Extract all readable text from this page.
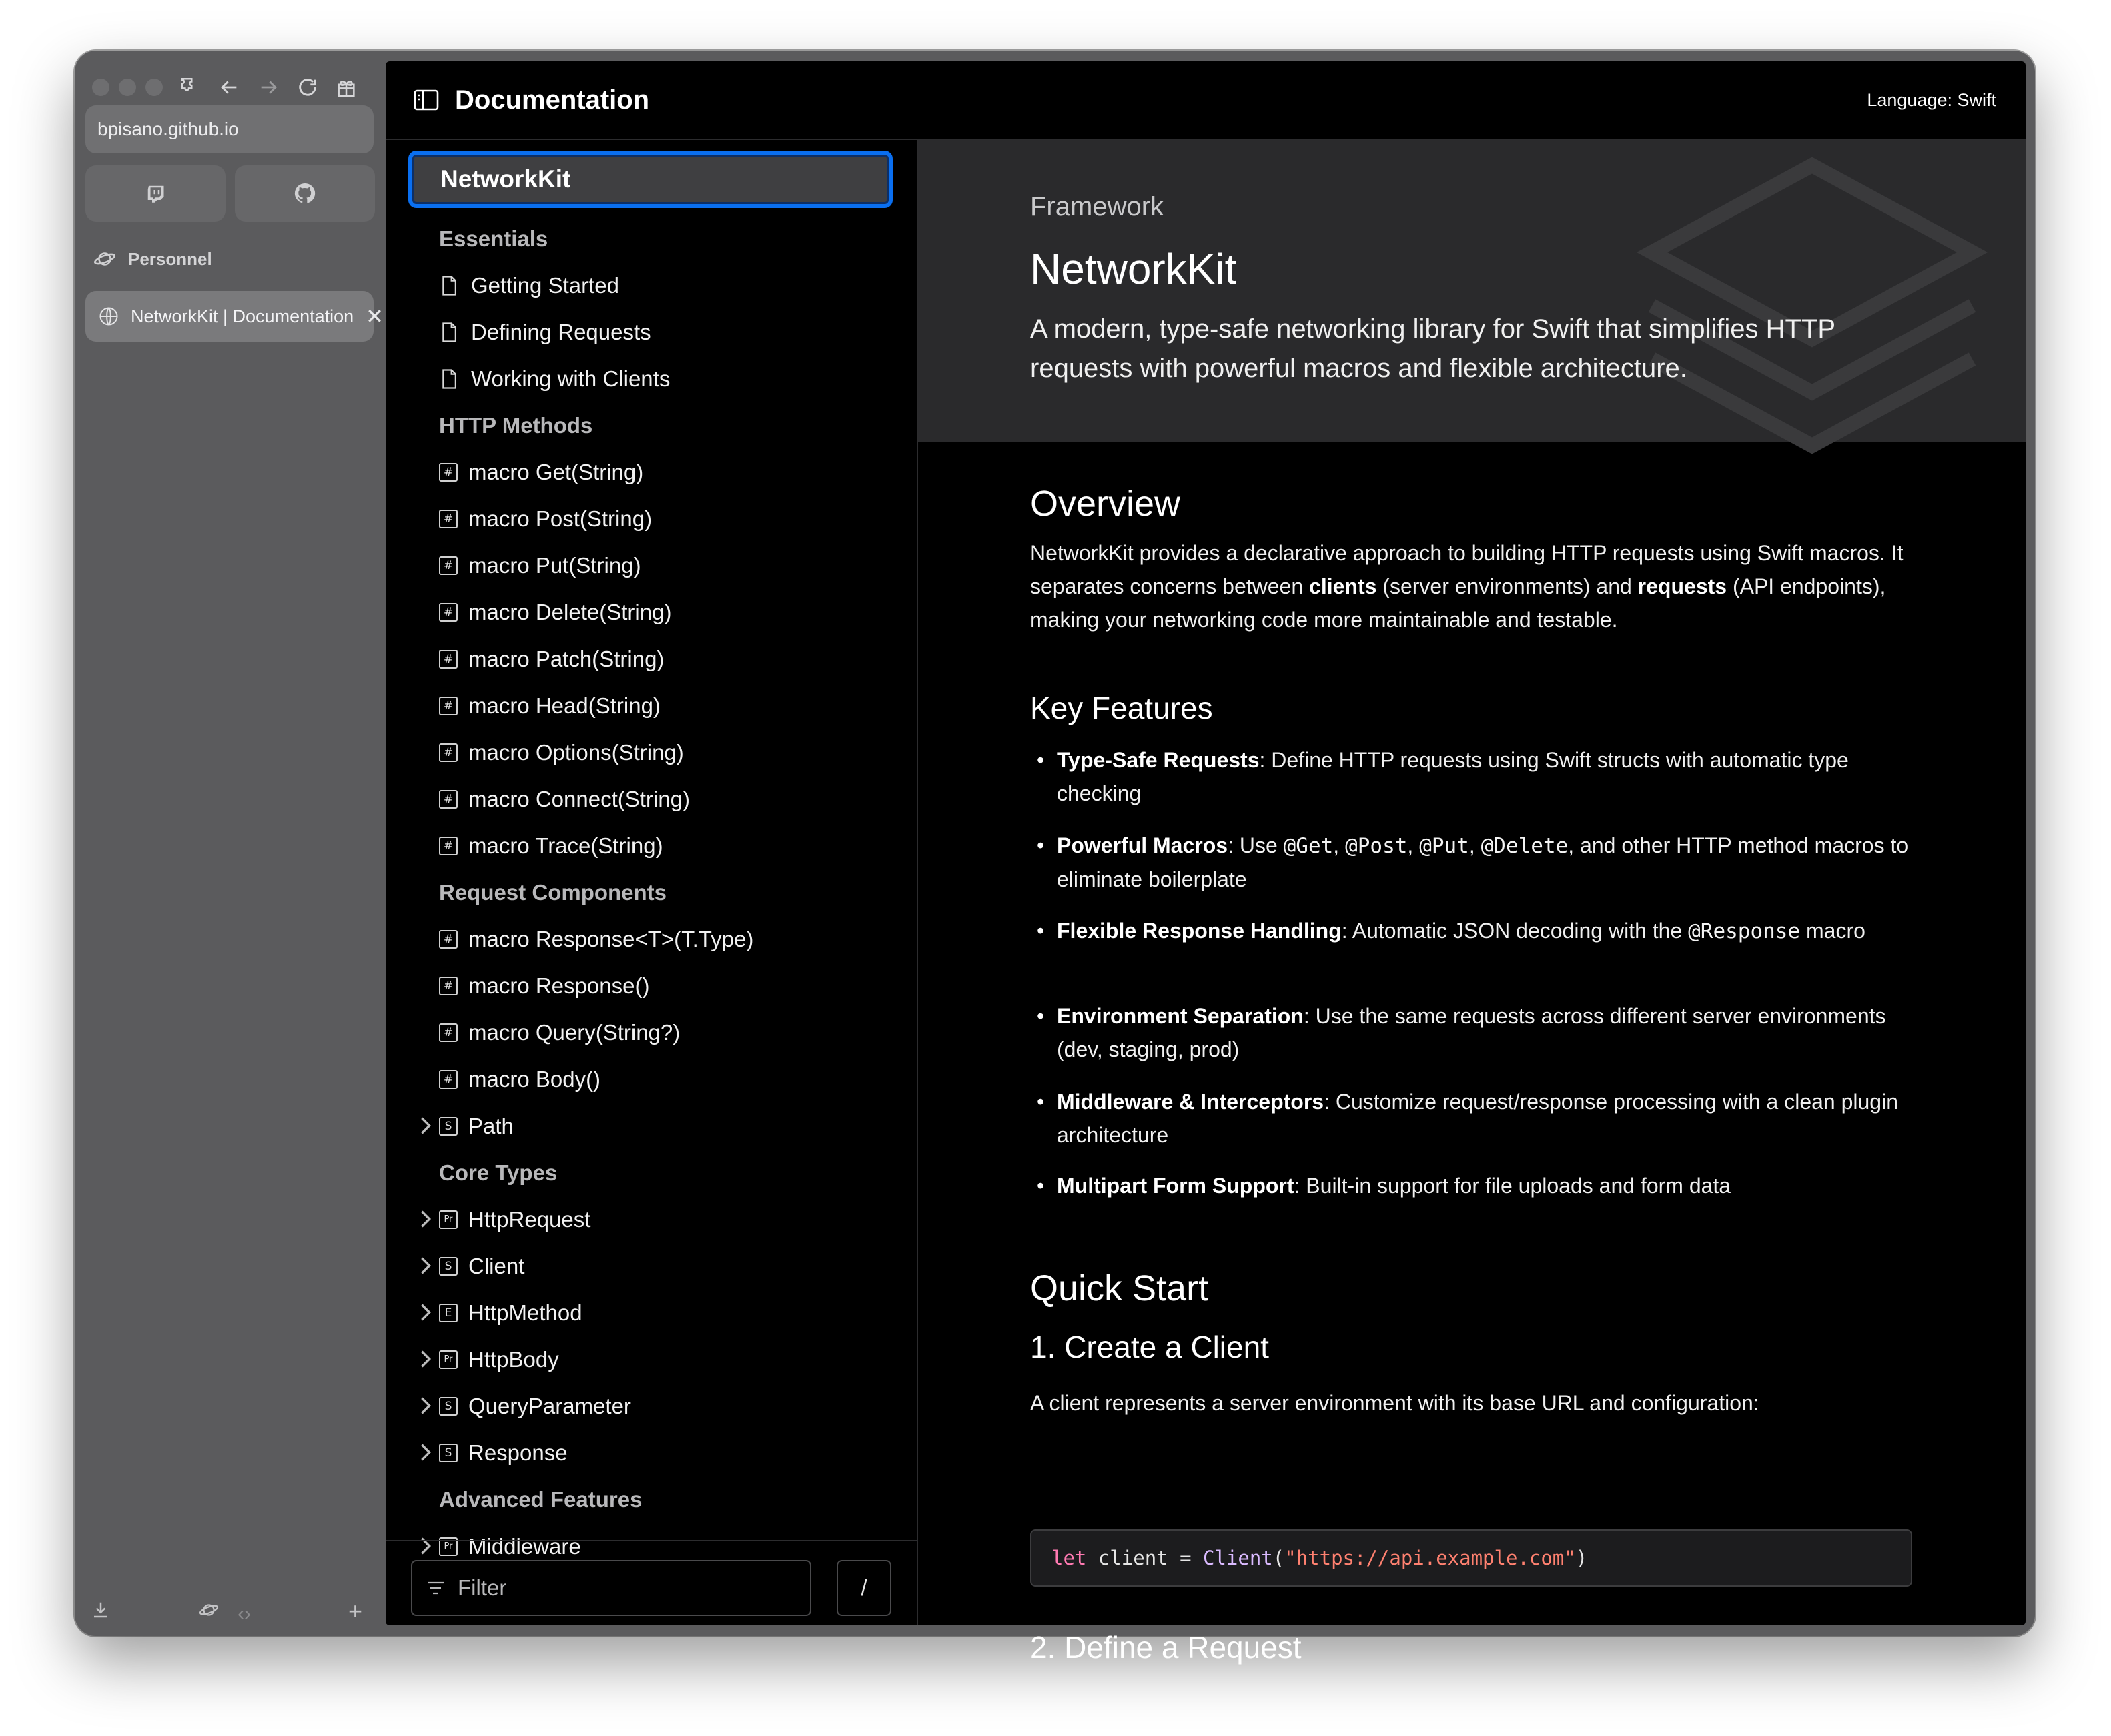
bpisano.github.io
Personnel
NetworkKit | Documentation ✕
‹›	+
Documentation	Language: Swift
NetworkKit
Essentials
Getting Started
Defining Requests
Working with Clients
HTTP Methods
# macro Get(String)
# macro Post(String)
# macro Put(String)
# macro Delete(String)
# macro Patch(String)
# macro Head(String)
# macro Options(String)
# macro Connect(String)
# macro Trace(String)
Request Components
# macro Response<T>(T.Type)
# macro Response()
# macro Query(String?)
# macro Body()
S Path
Core Types
Pr HttpRequest
S Client
E HttpMethod
Pr HttpBody
S QueryParameter
S Response
Advanced Features
Pr Middleware
Filter	/
Framework
NetworkKit
A modern, type-safe networking library for Swift that simplifies HTTP requests with powerful macros and flexible architecture.
Overview
NetworkKit provides a declarative approach to building HTTP requests using Swift macros. It separates concerns between clients (server environments) and requests (API endpoints), making your networking code more maintainable and testable.
Key Features
• Type-Safe Requests: Define HTTP requests using Swift structs with automatic type checking
• Powerful Macros: Use @Get, @Post, @Put, @Delete, and other HTTP method macros to eliminate boilerplate
• Flexible Response Handling: Automatic JSON decoding with the @Response macro
• Environment Separation: Use the same requests across different server environments (dev, staging, prod)
• Middleware & Interceptors: Customize request/response processing with a clean plugin architecture
• Multipart Form Support: Built-in support for file uploads and form data
Quick Start
1. Create a Client
A client represents a server environment with its base URL and configuration:
let client = Client("https://api.example.com")
2. Define a Request
